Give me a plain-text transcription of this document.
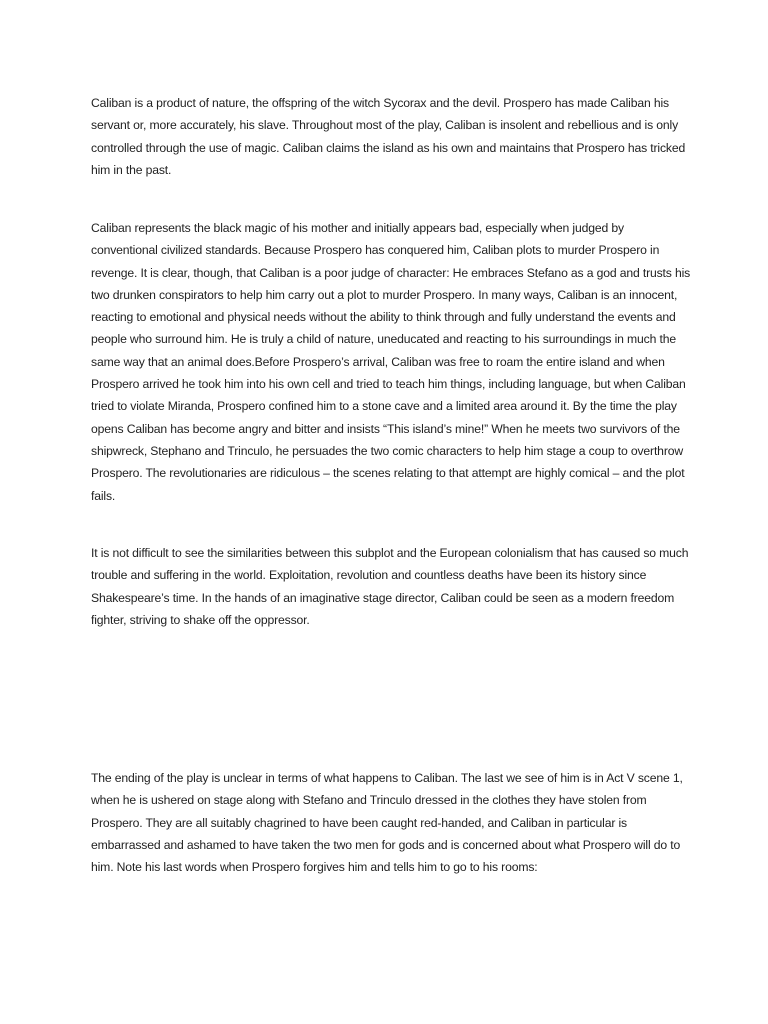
Caliban is a product of nature, the offspring of the witch Sycorax and the devil. Prospero has made Caliban his servant or, more accurately, his slave. Throughout most of the play, Caliban is insolent and rebellious and is only controlled through the use of magic. Caliban claims the island as his own and maintains that Prospero has tricked him in the past.

Caliban represents the black magic of his mother and initially appears bad, especially when judged by conventional civilized standards. Because Prospero has conquered him, Caliban plots to murder Prospero in revenge. It is clear, though, that Caliban is a poor judge of character: He embraces Stefano as a god and trusts his two drunken conspirators to help him carry out a plot to murder Prospero. In many ways, Caliban is an innocent, reacting to emotional and physical needs without the ability to think through and fully understand the events and people who surround him. He is truly a child of nature, uneducated and reacting to his surroundings in much the same way that an animal does.Before Prospero’s arrival, Caliban was free to roam the entire island and when Prospero arrived he took him into his own cell and tried to teach him things, including language, but when Caliban tried to violate Miranda, Prospero confined him to a stone cave and a limited area around it. By the time the play opens Caliban has become angry and bitter and insists “This island’s mine!” When he meets two survivors of the shipwreck, Stephano and Trinculo, he persuades the two comic characters to help him stage a coup to overthrow Prospero. The revolutionaries are ridiculous – the scenes relating to that attempt are highly comical – and the plot fails.

It is not difficult to see the similarities between this subplot and the European colonialism that has caused so much trouble and suffering in the world. Exploitation, revolution and countless deaths have been its history since Shakespeare’s time. In the hands of an imaginative stage director, Caliban could be seen as a modern freedom fighter, striving to shake off the oppressor.

The ending of the play is unclear in terms of what happens to Caliban. The last we see of him is in Act V scene 1, when he is ushered on stage along with Stefano and Trinculo dressed in the clothes they have stolen from Prospero. They are all suitably chagrined to have been caught red-handed, and Caliban in particular is embarrassed and ashamed to have taken the two men for gods and is concerned about what Prospero will do to him. Note his last words when Prospero forgives him and tells him to go to his rooms:
